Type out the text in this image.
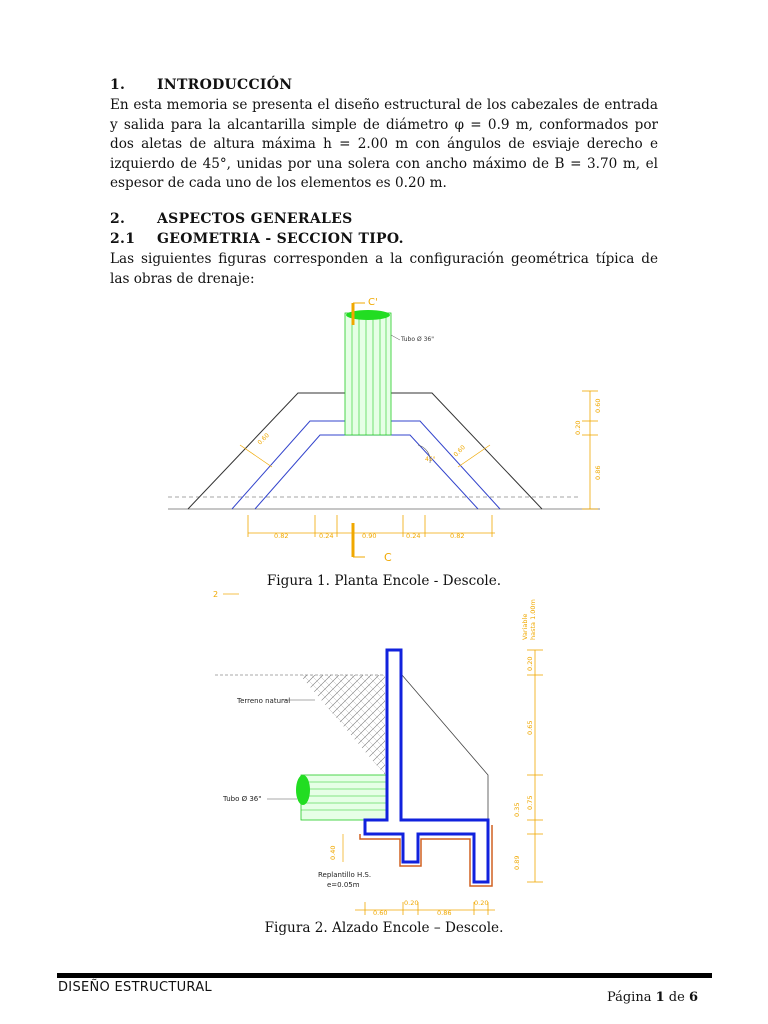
1. INTRODUCCIÓN
En esta memoria se presenta el diseño estructural de los cabezales de entrada y salida para la alcantarilla simple de diámetro φ = 0.9 m, conformados por dos aletas de altura máxima h = 2.00 m con ángulos de esviaje derecho e izquierdo de 45°, unidas por una solera con ancho máximo de B = 3.70 m, el espesor de cada uno de los elementos es 0.20 m.
2. ASPECTOS GENERALES
2.1 GEOMETRIA - SECCION TIPO.
Las siguientes figuras corresponden a la configuración geométrica típica de las obras de drenaje:
C'
C
Tubo Ø 36"
0.82	0.24	0.90	0.24	0.82
0.60
0.20
0.86
0.60
0.60
45°
Figura 1. Planta Encole - Descole.
2
Terreno natural
Tubo Ø 36"
Replantillo H.S.
e=0.05m
Variable hasta 1.00m
0.20
0.65
0.75
0.35
0.89
0.40
0.60
0.20
0.86
0.20
Figura 2. Alzado Encole – Descole.
DISEÑO ESTRUCTURAL
Página 1 de 6
